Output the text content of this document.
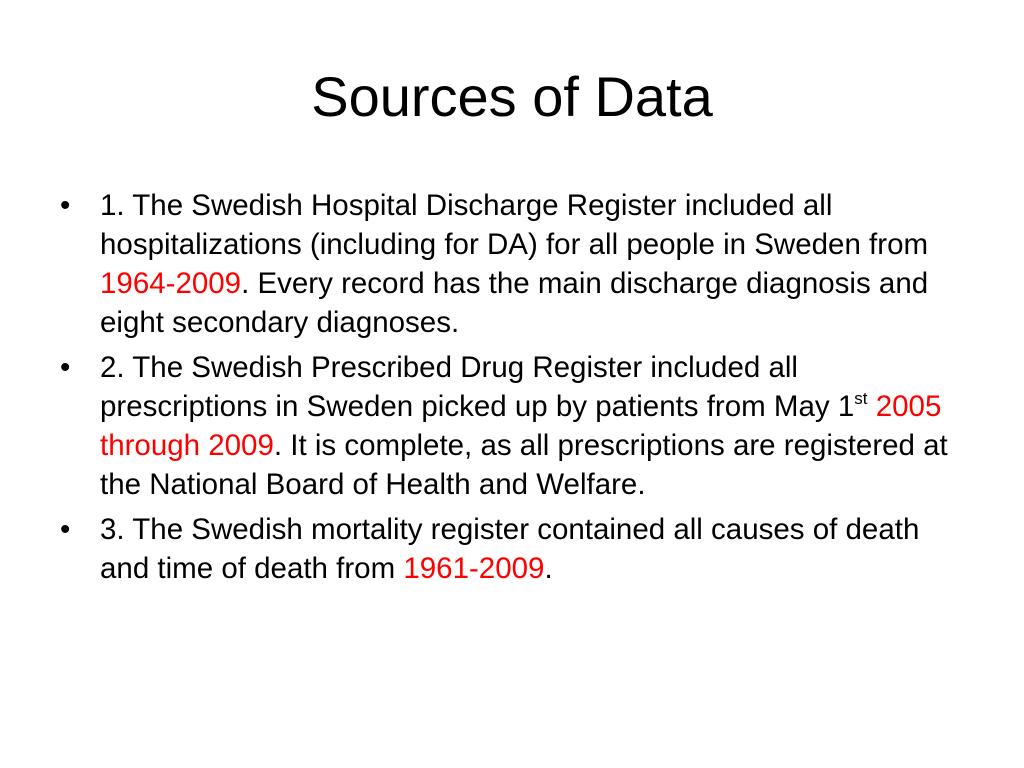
Sources of Data
•	1. The Swedish Hospital Discharge Register included all hospitalizations (including for DA) for all people in Sweden from 1964-2009. Every record has the main discharge diagnosis and eight secondary diagnoses.
•	2. The Swedish Prescribed Drug Register included all prescriptions in Sweden picked up by patients from May 1st 2005 through 2009. It is complete, as all prescriptions are registered at the National Board of Health and Welfare.
•	3. The Swedish mortality register contained all causes of death and time of death from 1961-2009.
